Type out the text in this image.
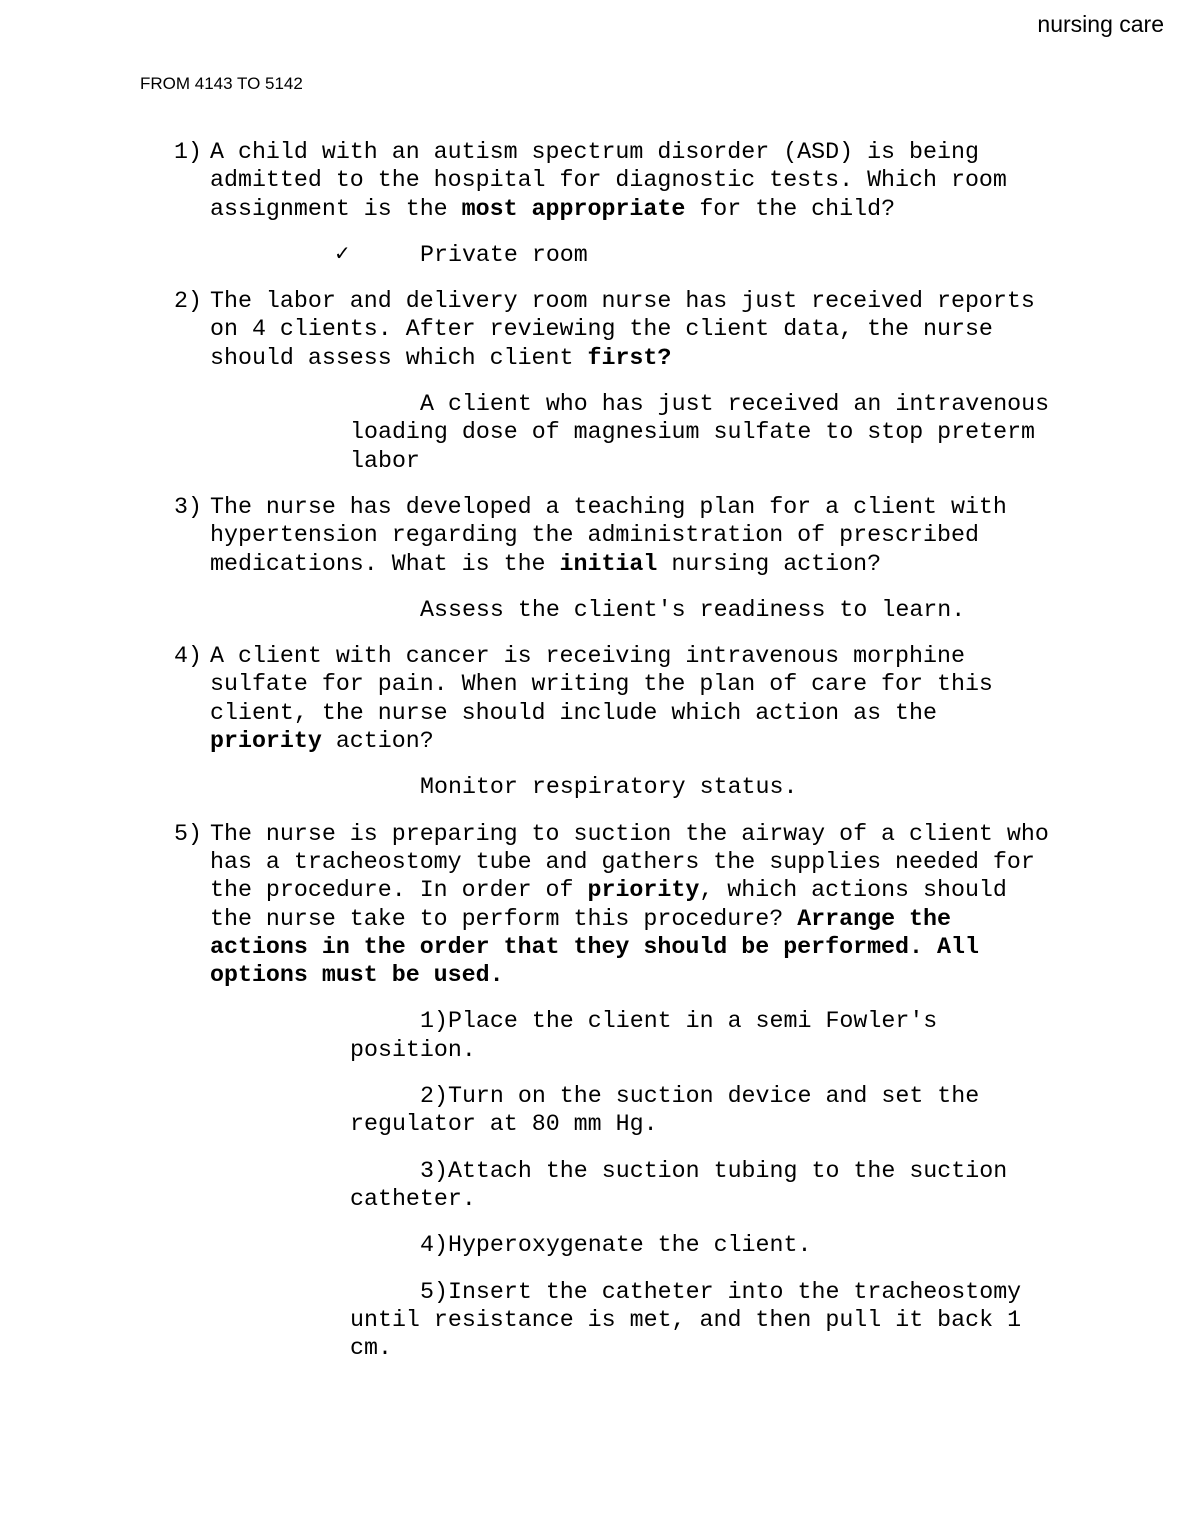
nursing care
FROM 4143 TO 5142
1) A child with an autism spectrum disorder (ASD) is being admitted to the hospital for diagnostic tests. Which room assignment is the most appropriate for the child?
✓	Private room
2) The labor and delivery room nurse has just received reports on 4 clients. After reviewing the client data, the nurse should assess which client first?
A client who has just received an intravenous loading dose of magnesium sulfate to stop preterm labor
3) The nurse has developed a teaching plan for a client with hypertension regarding the administration of prescribed medications. What is the initial nursing action?
Assess the client's readiness to learn.
4) A client with cancer is receiving intravenous morphine sulfate for pain. When writing the plan of care for this client, the nurse should include which action as the priority action?
Monitor respiratory status.
5) The nurse is preparing to suction the airway of a client who has a tracheostomy tube and gathers the supplies needed for the procedure. In order of priority, which actions should the nurse take to perform this procedure? Arrange the actions in the order that they should be performed. All options must be used.
1)Place the client in a semi Fowler's position.
2)Turn on the suction device and set the regulator at 80 mm Hg.
3)Attach the suction tubing to the suction catheter.
4)Hyperoxygenate the client.
5)Insert the catheter into the tracheostomy until resistance is met, and then pull it back 1 cm.
